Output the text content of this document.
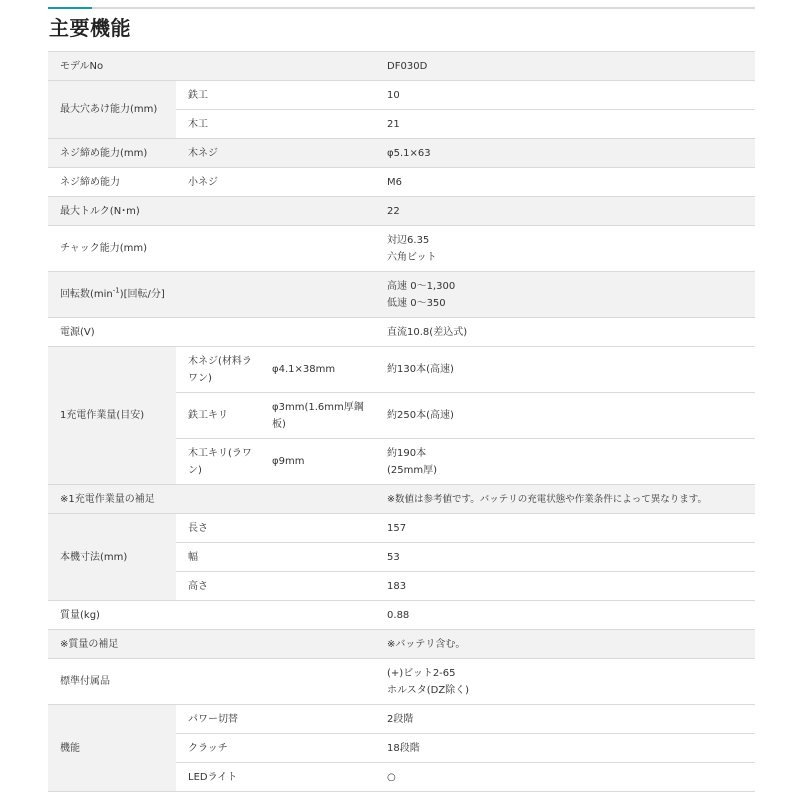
主要機能
モデルNo			DF030D
最大穴あけ能力(mm)	鉄工		10
	木工		21
ネジ締め能力(mm)	木ネジ		φ5.1×63
ネジ締め能力	小ネジ		M6
最大トルク(N･m)			22
チャック能力(mm)			対辺6.35
六角ビット

回転数$(\min^{-1})$[回転/分]			高速 0～1,300
低速 0～350

電源(V)			直流10.8(差込式)
1充電作業量(目安)	木ネジ(材料ラワン)	φ4.1×38mm	約130本(高速)
	鉄工キリ	φ3mm(1.6mm厚鋼板)	約250本(高速)
	木工キリ(ラワン)	φ9mm	約190本
(25mm厚)

※1充電作業量の補足			※数値は参考値です。バッテリの充電状態や作業条件によって異なります。
本機寸法(mm)	長さ		157
	幅		53
	高さ		183
質量(kg)			0.88
※質量の補足			※バッテリ含む。
標準付属品			(+)ビット2-65
ホルスタ(DZ除く)

機能	パワー切替		2段階
	クラッチ		18段階
	LEDライト		○
